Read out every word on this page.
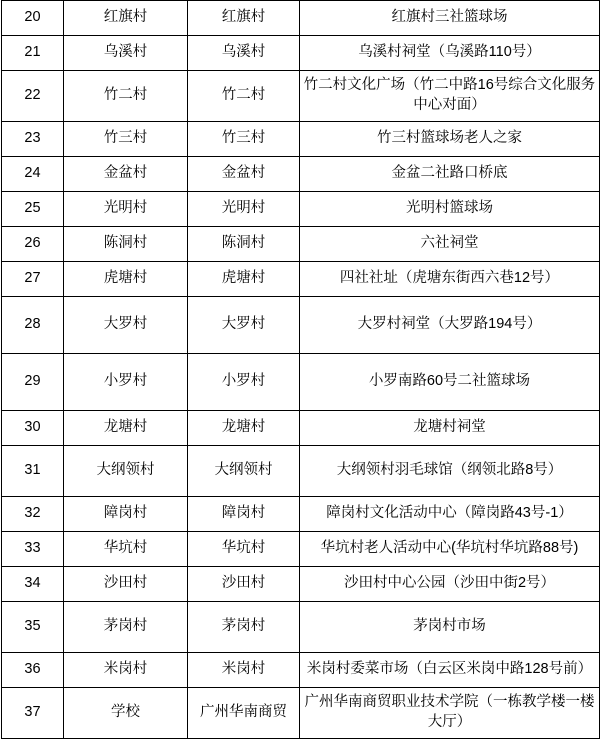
20	红旗村	红旗村	红旗村三社篮球场
21	乌溪村	乌溪村	乌溪村祠堂（乌溪路110号）
22	竹二村	竹二村	竹二村文化广场（竹二中路16号综合文化服务中心对面）
23	竹三村	竹三村	竹三村篮球场老人之家
24	金盆村	金盆村	金盆二社路口桥底
25	光明村	光明村	光明村篮球场
26	陈洞村	陈洞村	六社祠堂
27	虎塘村	虎塘村	四社社址（虎塘东街西六巷12号）
28	大罗村	大罗村	大罗村祠堂（大罗路194号）
29	小罗村	小罗村	小罗南路60号二社篮球场
30	龙塘村	龙塘村	龙塘村祠堂
31	大纲领村	大纲领村	大纲领村羽毛球馆（纲领北路8号）
32	障岗村	障岗村	障岗村文化活动中心（障岗路43号-1）
33	华坑村	华坑村	华坑村老人活动中心(华坑村华坑路88号)
34	沙田村	沙田村	沙田村中心公园（沙田中街2号）
35	茅岗村	茅岗村	茅岗村市场
36	米岗村	米岗村	米岗村委菜市场（白云区米岗中路128号前）
37	学校	广州华南商贸	广州华南商贸职业技术学院（一栋教学楼一楼大厅）
